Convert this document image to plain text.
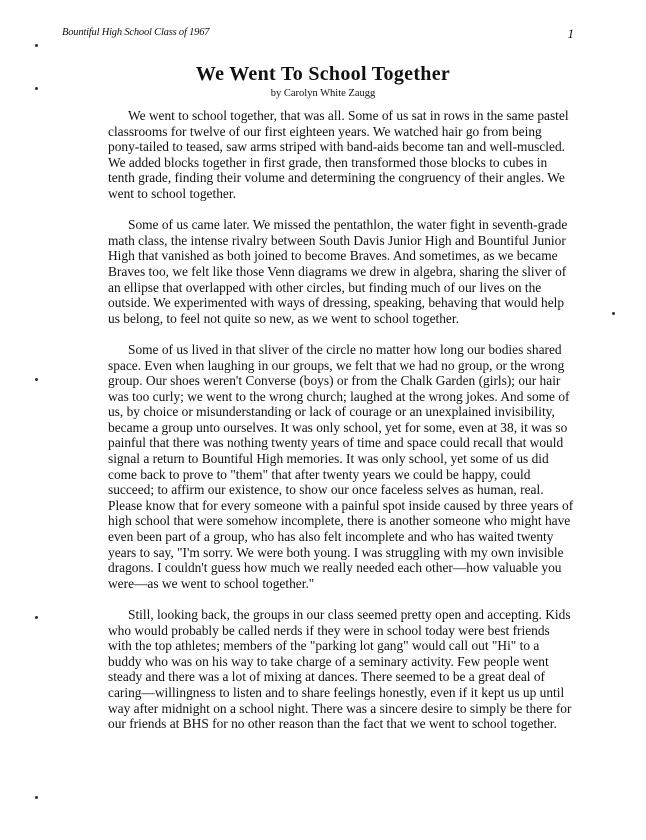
Bountiful High School Class of 1967	1
We Went To School Together
by Carolyn White Zaugg

We went to school together, that was all. Some of us sat in rows in the same pastel classrooms for twelve of our first eighteen years. We watched hair go from being pony-tailed to teased, saw arms striped with band-aids become tan and well-muscled. We added blocks together in first grade, then transformed those blocks to cubes in tenth grade, finding their volume and determining the congruency of their angles. We went to school together.

Some of us came later. We missed the pentathlon, the water fight in seventh-grade math class, the intense rivalry between South Davis Junior High and Bountiful Junior High that vanished as both joined to become Braves. And sometimes, as we became Braves too, we felt like those Venn diagrams we drew in algebra, sharing the sliver of an ellipse that overlapped with other circles, but finding much of our lives on the outside. We experimented with ways of dressing, speaking, behaving that would help us belong, to feel not quite so new, as we went to school together.

Some of us lived in that sliver of the circle no matter how long our bodies shared space. Even when laughing in our groups, we felt that we had no group, or the wrong group. Our shoes weren't Converse (boys) or from the Chalk Garden (girls); our hair was too curly; we went to the wrong church; laughed at the wrong jokes. And some of us, by choice or misunderstanding or lack of courage or an unexplained invisibility, became a group unto ourselves. It was only school, yet for some, even at 38, it was so painful that there was nothing twenty years of time and space could recall that would signal a return to Bountiful High memories. It was only school, yet some of us did come back to prove to "them" that after twenty years we could be happy, could succeed; to affirm our existence, to show our once faceless selves as human, real. Please know that for every someone with a painful spot inside caused by three years of high school that were somehow incomplete, there is another someone who might have even been part of a group, who has also felt incomplete and who has waited twenty years to say, "I'm sorry. We were both young. I was struggling with my own invisible dragons. I couldn't guess how much we really needed each other—how valuable you were—as we went to school together."

Still, looking back, the groups in our class seemed pretty open and accepting. Kids who would probably be called nerds if they were in school today were best friends with the top athletes; members of the "parking lot gang" would call out "Hi" to a buddy who was on his way to take charge of a seminary activity. Few people went steady and there was a lot of mixing at dances. There seemed to be a great deal of caring—willingness to listen and to share feelings honestly, even if it kept us up until way after midnight on a school night. There was a sincere desire to simply be there for our friends at BHS for no other reason than the fact that we went to school together.
